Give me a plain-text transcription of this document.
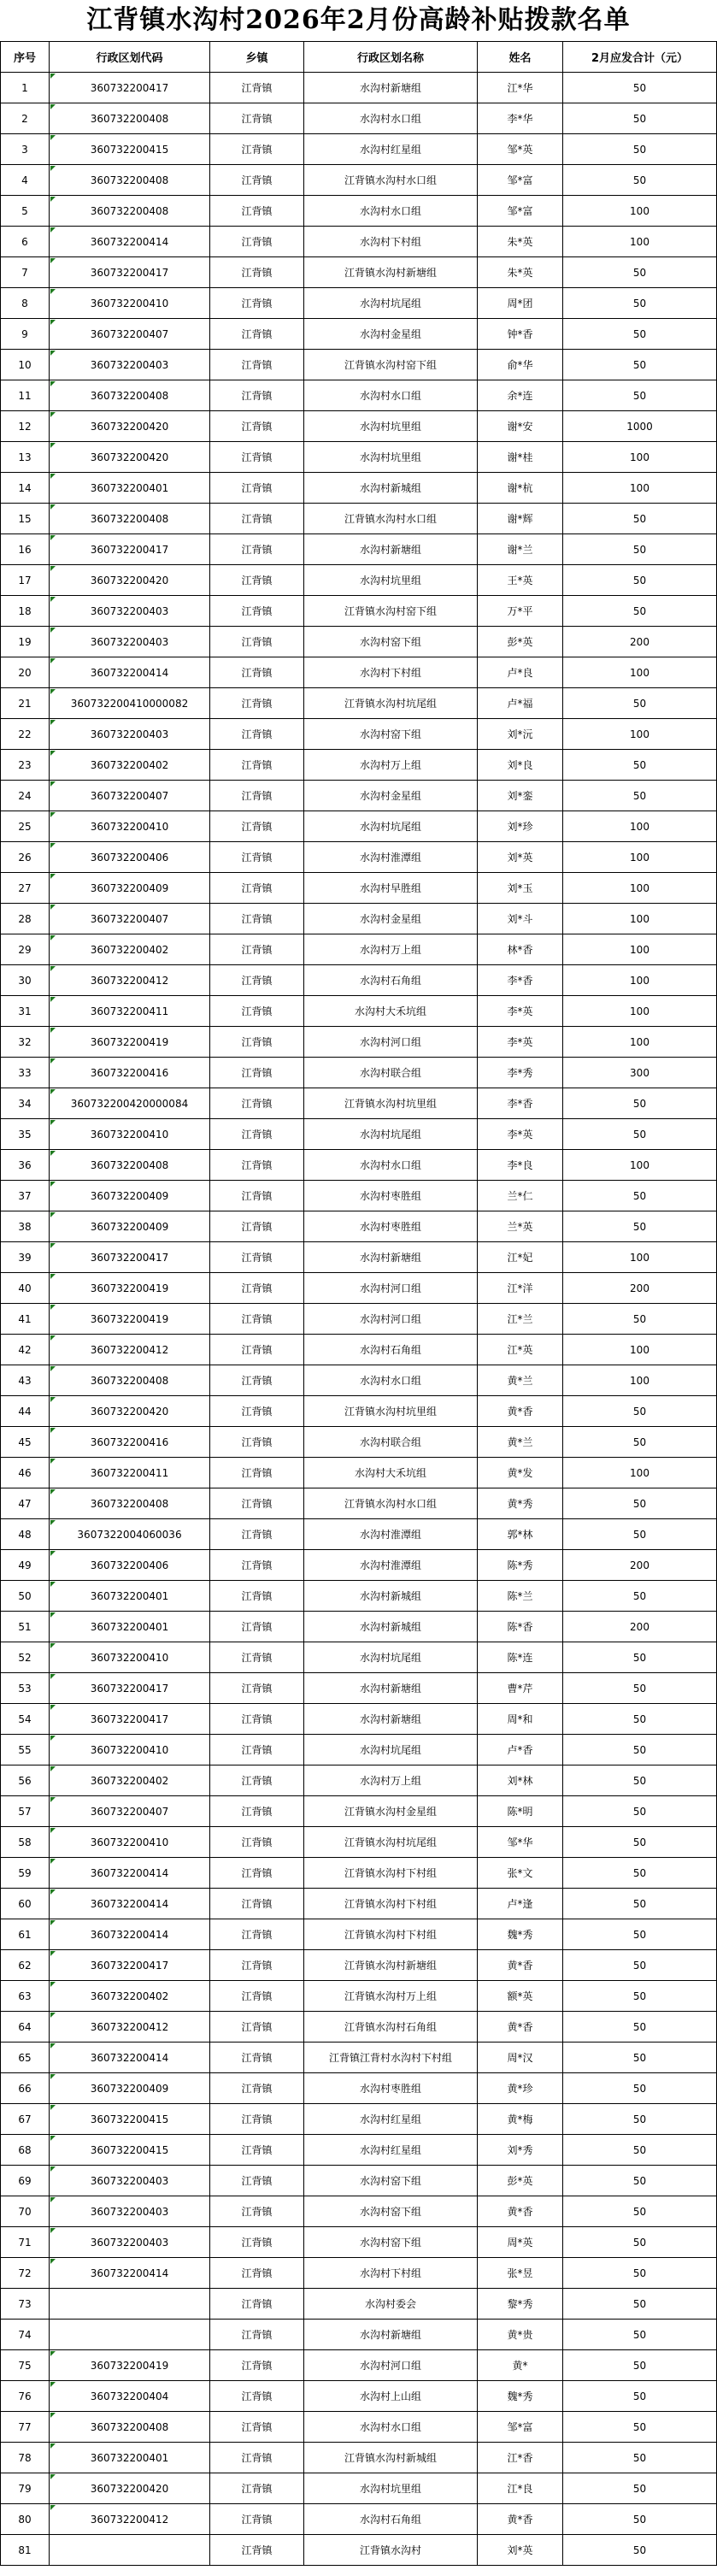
江背镇水沟村2026年2月份高龄补贴拨款名单
序号	行政区划代码	乡镇	行政区划名称	姓名	2月应发合计（元）
1	360732200417	江背镇	水沟村新塘组	江*华	50
2	360732200408	江背镇	水沟村水口组	李*华	50
3	360732200415	江背镇	水沟村红星组	邹*英	50
4	360732200408	江背镇	江背镇水沟村水口组	邹*富	50
5	360732200408	江背镇	水沟村水口组	邹*富	100
6	360732200414	江背镇	水沟村下村组	朱*英	100
7	360732200417	江背镇	江背镇水沟村新塘组	朱*英	50
8	360732200410	江背镇	水沟村坑尾组	周*团	50
9	360732200407	江背镇	水沟村金星组	钟*香	50
10	360732200403	江背镇	江背镇水沟村窑下组	俞*华	50
11	360732200408	江背镇	水沟村水口组	余*连	50
12	360732200420	江背镇	水沟村坑里组	谢*安	1000
13	360732200420	江背镇	水沟村坑里组	谢*桂	100
14	360732200401	江背镇	水沟村新城组	谢*杭	100
15	360732200408	江背镇	江背镇水沟村水口组	谢*辉	50
16	360732200417	江背镇	水沟村新塘组	谢*兰	50
17	360732200420	江背镇	水沟村坑里组	王*英	50
18	360732200403	江背镇	江背镇水沟村窑下组	万*平	50
19	360732200403	江背镇	水沟村窑下组	彭*英	200
20	360732200414	江背镇	水沟村下村组	卢*良	100
21	360732200410000082	江背镇	江背镇水沟村坑尾组	卢*福	50
22	360732200403	江背镇	水沟村窑下组	刘*沅	100
23	360732200402	江背镇	水沟村万上组	刘*良	50
24	360732200407	江背镇	水沟村金星组	刘*銮	50
25	360732200410	江背镇	水沟村坑尾组	刘*珍	100
26	360732200406	江背镇	水沟村淮潭组	刘*英	100
27	360732200409	江背镇	水沟村早胜组	刘*玉	100
28	360732200407	江背镇	水沟村金星组	刘*斗	100
29	360732200402	江背镇	水沟村万上组	林*香	100
30	360732200412	江背镇	水沟村石角组	李*香	100
31	360732200411	江背镇	水沟村大禾坑组	李*英	100
32	360732200419	江背镇	水沟村河口组	李*英	100
33	360732200416	江背镇	水沟村联合组	李*秀	300
34	360732200420000084	江背镇	江背镇水沟村坑里组	李*香	50
35	360732200410	江背镇	水沟村坑尾组	李*英	50
36	360732200408	江背镇	水沟村水口组	李*良	100
37	360732200409	江背镇	水沟村枣胜组	兰*仁	50
38	360732200409	江背镇	水沟村枣胜组	兰*英	50
39	360732200417	江背镇	水沟村新塘组	江*妃	100
40	360732200419	江背镇	水沟村河口组	江*洋	200
41	360732200419	江背镇	水沟村河口组	江*兰	50
42	360732200412	江背镇	水沟村石角组	江*英	100
43	360732200408	江背镇	水沟村水口组	黄*兰	100
44	360732200420	江背镇	江背镇水沟村坑里组	黄*香	50
45	360732200416	江背镇	水沟村联合组	黄*兰	50
46	360732200411	江背镇	水沟村大禾坑组	黄*发	100
47	360732200408	江背镇	江背镇水沟村水口组	黄*秀	50
48	3607322004060036	江背镇	水沟村淮潭组	郭*林	50
49	360732200406	江背镇	水沟村淮潭组	陈*秀	200
50	360732200401	江背镇	水沟村新城组	陈*兰	50
51	360732200401	江背镇	水沟村新城组	陈*香	200
52	360732200410	江背镇	水沟村坑尾组	陈*连	50
53	360732200417	江背镇	水沟村新塘组	曹*芹	50
54	360732200417	江背镇	水沟村新塘组	周*和	50
55	360732200410	江背镇	水沟村坑尾组	卢*香	50
56	360732200402	江背镇	水沟村万上组	刘*林	50
57	360732200407	江背镇	江背镇水沟村金星组	陈*明	50
58	360732200410	江背镇	江背镇水沟村坑尾组	邹*华	50
59	360732200414	江背镇	江背镇水沟村下村组	张*文	50
60	360732200414	江背镇	江背镇水沟村下村组	卢*逢	50
61	360732200414	江背镇	江背镇水沟村下村组	魏*秀	50
62	360732200417	江背镇	江背镇水沟村新塘组	黄*香	50
63	360732200402	江背镇	江背镇水沟村万上组	额*英	50
64	360732200412	江背镇	江背镇水沟村石角组	黄*香	50
65	360732200414	江背镇	江背镇江背村水沟村下村组	周*汉	50
66	360732200409	江背镇	水沟村枣胜组	黄*珍	50
67	360732200415	江背镇	水沟村红星组	黄*梅	50
68	360732200415	江背镇	水沟村红星组	刘*秀	50
69	360732200403	江背镇	水沟村窑下组	彭*英	50
70	360732200403	江背镇	水沟村窑下组	黄*香	50
71	360732200403	江背镇	水沟村窑下组	周*英	50
72	360732200414	江背镇	水沟村下村组	张*昱	50
73		江背镇	水沟村委会	黎*秀	50
74		江背镇	水沟村新塘组	黄*贵	50
75	360732200419	江背镇	水沟村河口组	黄*	50
76	360732200404	江背镇	水沟村上山组	魏*秀	50
77	360732200408	江背镇	水沟村水口组	邹*富	50
78	360732200401	江背镇	江背镇水沟村新城组	江*香	50
79	360732200420	江背镇	水沟村坑里组	江*良	50
80	360732200412	江背镇	水沟村石角组	黄*香	50
81		江背镇	江背镇水沟村	刘*英	50
